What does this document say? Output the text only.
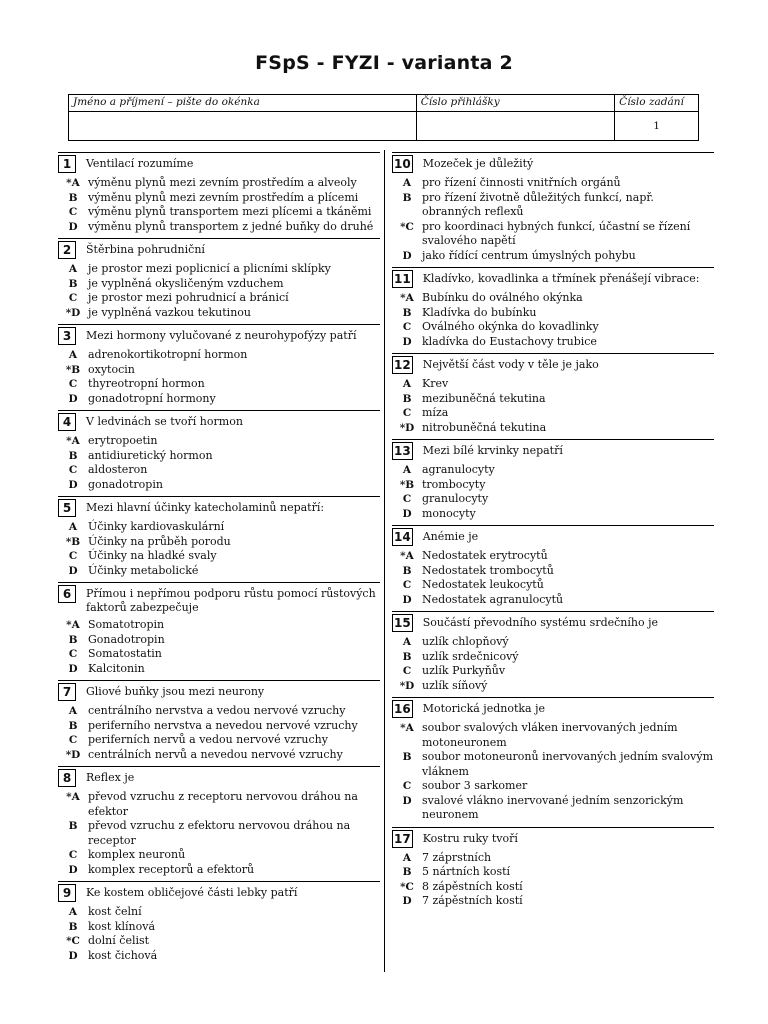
FSpS - FYZI - varianta 2
Jméno a příjmení – pište do okénka	Číslo přihlášky	Číslo zadání
		1
1	Ventilací rozumíme
*A výměnu plynů mezi zevním prostředím a alveoly
B výměnu plynů mezi zevním prostředím a plícemi
C výměnu plynů transportem mezi plícemi a tkáněmi
D výměnu plynů transportem z jedné buňky do druhé
2	Štěrbina pohrudniční
A je prostor mezi poplicnicí a plicními sklípky
B je vyplněná okysličeným vzduchem
C je prostor mezi pohrudnicí a bránicí
*D je vyplněná vazkou tekutinou
3	Mezi hormony vylučované z neurohypofýzy patří
A adrenokortikotropní hormon
*B oxytocin
C thyreotropní hormon
D gonadotropní hormony
4	V ledvinách se tvoří hormon
*A erytropoetin
B antidiuretický hormon
C aldosteron
D gonadotropin
5	Mezi hlavní účinky katecholaminů nepatří:
A Účinky kardiovaskulární
*B Účinky na průběh porodu
C Účinky na hladké svaly
D Účinky metabolické
6	Přímou i nepřímou podporu růstu pomocí růstových faktorů zabezpečuje
*A Somatotropin
B Gonadotropin
C Somatostatin
D Kalcitonin
7	Gliové buňky jsou mezi neurony
A centrálního nervstva a vedou nervové vzruchy
B periferního nervstva a nevedou nervové vzruchy
C periferních nervů a vedou nervové vzruchy
*D centrálních nervů a nevedou nervové vzruchy
8	Reflex je
*A převod vzruchu z receptoru nervovou dráhou na efektor
B převod vzruchu z efektoru nervovou dráhou na receptor
C komplex neuronů
D komplex receptorů a efektorů
9	Ke kostem obličejové části lebky patří
A kost čelní
B kost klínová
*C dolní čelist
D kost čichová
10 Mozeček je důležitý
A pro řízení činnosti vnitřních orgánů
B pro řízení životně důležitých funkcí, např. obranných reflexů
*C pro koordinaci hybných funkcí, účastní se řízení svalového napětí
D jako řídící centrum úmyslných pohybu
11 Kladívko, kovadlinka a třmínek přenášejí vibrace:
*A Bubínku do oválného okýnka
B Kladívka do bubínku
C Oválného okýnka do kovadlinky
D kladívka do Eustachovy trubice
12 Největší část vody v těle je jako
A Krev
B mezibuněčná tekutina
C míza
*D nitrobuněčná tekutina
13 Mezi bílé krvinky nepatří
A agranulocyty
*B trombocyty
C granulocyty
D monocyty
14 Anémie je
*A Nedostatek erytrocytů
B Nedostatek trombocytů
C Nedostatek leukocytů
D Nedostatek agranulocytů
15 Součástí převodního systému srdečního je
A uzlík chlopňový
B uzlík srdečnicový
C uzlík Purkyňův
*D uzlík síňový
16 Motorická jednotka je
*A soubor svalových vláken inervovaných jedním motoneuronem
B soubor motoneuronů inervovaných jedním svalovým vláknem
C soubor 3 sarkomer
D svalové vlákno inervované jedním senzorickým neuronem
17 Kostru ruky tvoří
A 7 záprstních
B 5 nártních kostí
*C 8 zápěstních kostí
D 7 zápěstních kostí
